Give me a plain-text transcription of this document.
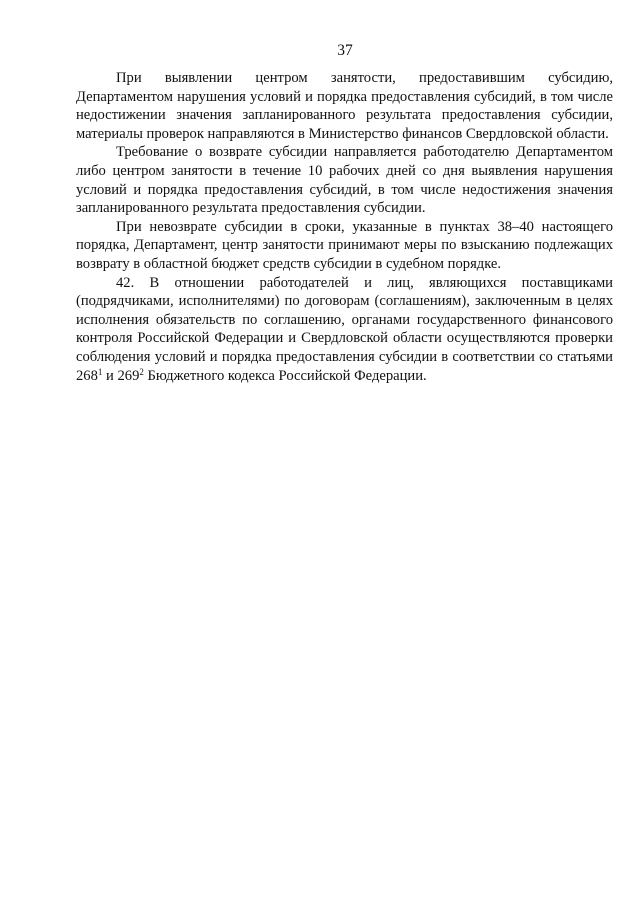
37

При выявлении центром занятости, предоставившим субсидию, Департаментом нарушения условий и порядка предоставления субсидий, в том числе недостижении значения запланированного результата предоставления субсидии, материалы проверок направляются в Министерство финансов Свердловской области.

Требование о возврате субсидии направляется работодателю Департаментом либо центром занятости в течение 10 рабочих дней со дня выявления нарушения условий и порядка предоставления субсидий, в том числе недостижения значения запланированного результата предоставления субсидии.

При невозврате субсидии в сроки, указанные в пунктах 38–40 настоящего порядка, Департамент, центр занятости принимают меры по взысканию подлежащих возврату в областной бюджет средств субсидии в судебном порядке.

42. В отношении работодателей и лиц, являющихся поставщиками (подрядчиками, исполнителями) по договорам (соглашениям), заключенным в целях исполнения обязательств по соглашению, органами государственного финансового контроля Российской Федерации и Свердловской области осуществляются проверки соблюдения условий и порядка предоставления субсидии в соответствии со статьями $268^1$ и $269^2$ Бюджетного кодекса Российской Федерации.
